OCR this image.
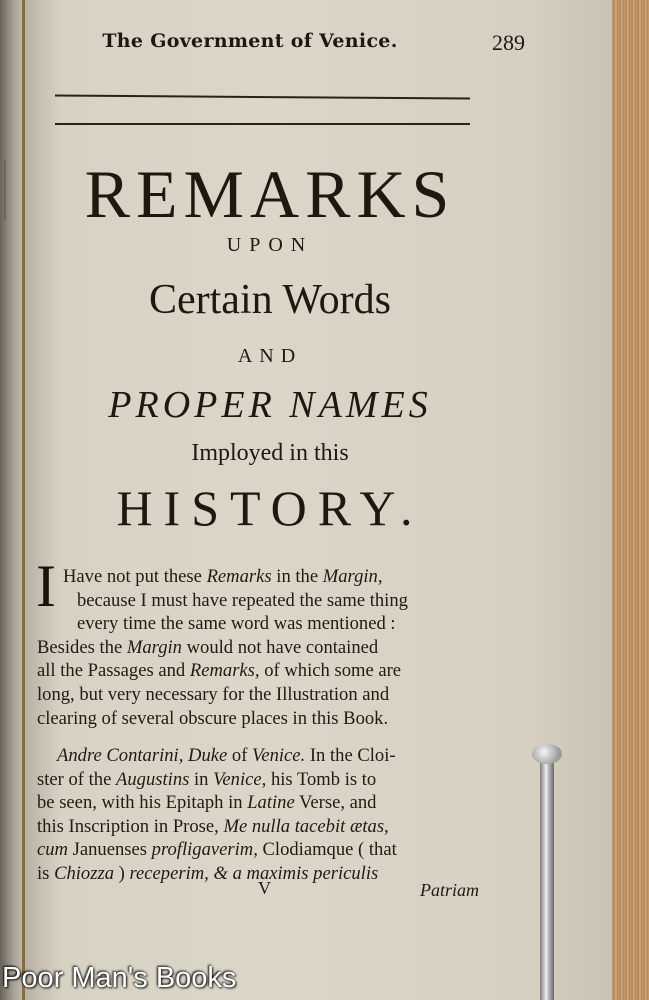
The Government of Venice.	289
REMARKS
UPON
Certain Words
AND
PROPER NAMES
Imployed in this
HISTORY.
I Have not put these Remarks in the Margin,
because I must have repeated the same thing
every time the same word was mentioned :
Besides the Margin would not have contained
all the Passages and Remarks, of which some are
long, but very necessary for the Illustration and
clearing of several obscure places in this Book.
Andre Contarini, Duke of Venice. In the Cloi-
ster of the Augustins in Venice, his Tomb is to
be seen, with his Epitaph in Latine Verse, and
this Inscription in Prose, Me nulla tacebit ætas,
cum Januenses profligaverim, Clodiamque ( that
is Chiozza ) receperim, & a maximis periculis
V	Patriam
Poor Man's Books
